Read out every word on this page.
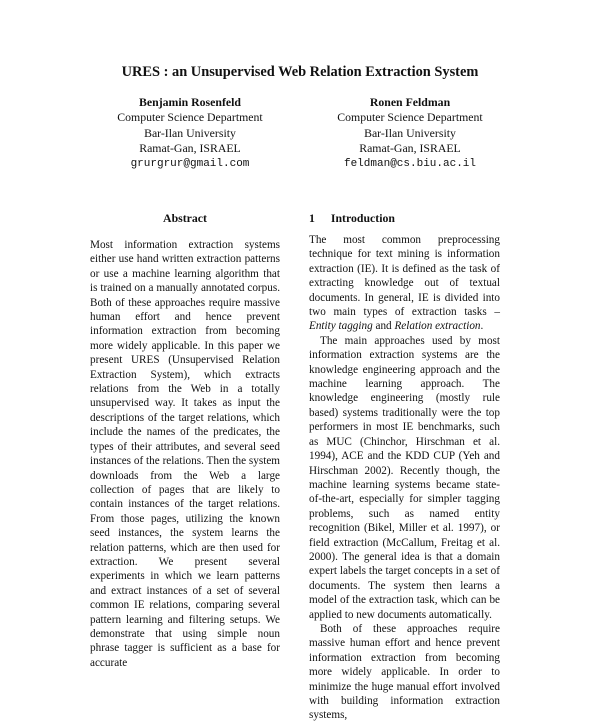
URES : an Unsupervised Web Relation Extraction System
Benjamin Rosenfeld
Computer Science Department
Bar-Ilan University
Ramat-Gan, ISRAEL
grurgrur@gmail.com
Ronen Feldman
Computer Science Department
Bar-Ilan University
Ramat-Gan, ISRAEL
feldman@cs.biu.ac.il
Abstract	1 Introduction

Most information extraction systems either use hand written extraction patterns or use a machine learning algorithm that is trained on a manually annotated corpus. Both of these approaches require massive human effort and hence prevent information extraction from becoming more widely applicable. In this paper we present URES (Unsupervised Relation Extraction System), which extracts relations from the Web in a totally unsupervised way. It takes as input the descriptions of the target relations, which include the names of the predicates, the types of their attributes, and several seed instances of the relations. Then the system downloads from the Web a large collection of pages that are likely to contain instances of the target relations. From those pages, utilizing the known seed instances, the system learns the relation patterns, which are then used for extraction. We present several experiments in which we learn patterns and extract instances of a set of several common IE relations, comparing several pattern learning and filtering setups. We demonstrate that using simple noun phrase tagger is sufficient as a base for accurate

The most common preprocessing technique for text mining is information extraction (IE). It is defined as the task of extracting knowledge out of textual documents. In general, IE is divided into two main types of extraction tasks – Entity tagging and Relation extraction.

The main approaches used by most information extraction systems are the knowledge engineering approach and the machine learning approach. The knowledge engineering (mostly rule based) systems traditionally were the top performers in most IE benchmarks, such as MUC (Chinchor, Hirschman et al. 1994), ACE and the KDD CUP (Yeh and Hirschman 2002). Recently though, the machine learning systems became state-of-the-art, especially for simpler tagging problems, such as named entity recognition (Bikel, Miller et al. 1997), or field extraction (McCallum, Freitag et al. 2000). The general idea is that a domain expert labels the target concepts in a set of documents. The system then learns a model of the extraction task, which can be applied to new documents automatically.

Both of these approaches require massive human effort and hence prevent information extraction from becoming more widely applicable. In order to minimize the huge manual effort involved with building information extraction systems,
